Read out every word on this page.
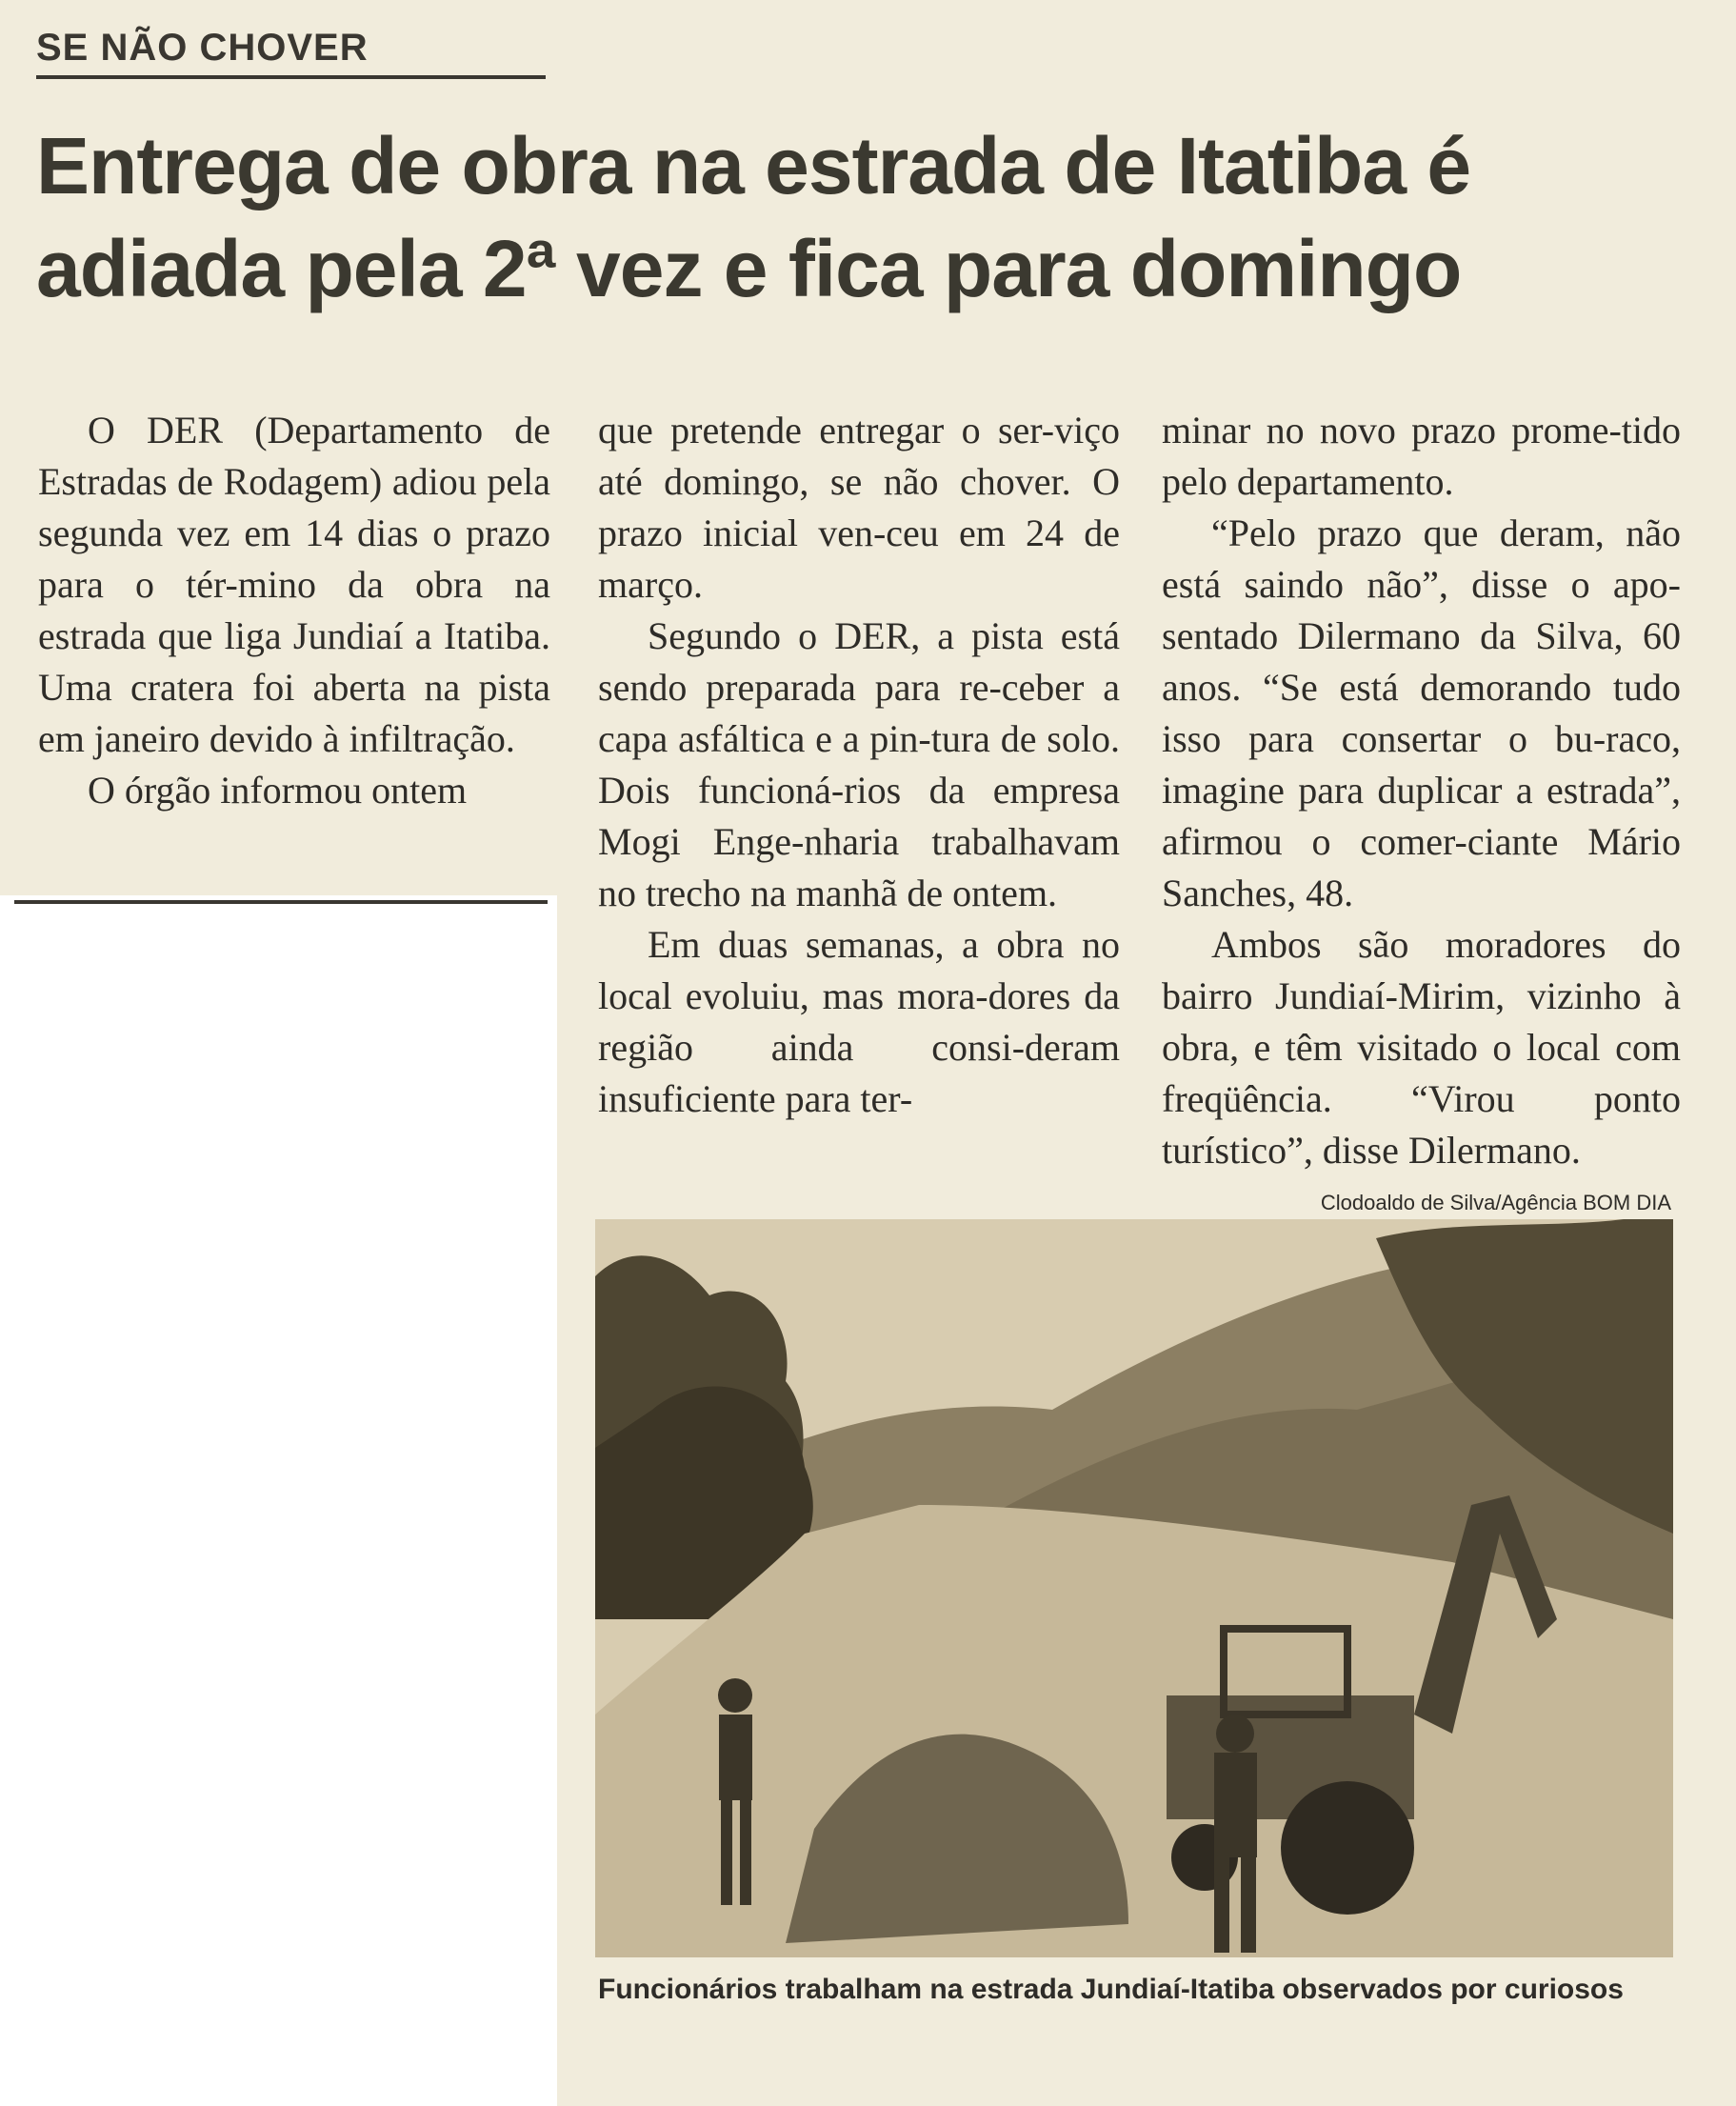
SE NÃO CHOVER
Entrega de obra na estrada de Itatiba é
adiada pela 2ª vez e fica para domingo

O DER (Departamento de Estradas de Rodagem) adiou pela segunda vez em 14 dias o prazo para o tér-mino da obra na estrada que liga Jundiaí a Itatiba. Uma cratera foi aberta na pista em janeiro devido à infiltração.

O órgão informou ontem

que pretende entregar o ser-viço até domingo, se não chover. O prazo inicial ven-ceu em 24 de março.

Segundo o DER, a pista está sendo preparada para re-ceber a capa asfáltica e a pin-tura de solo. Dois funcioná-rios da empresa Mogi Enge-nharia trabalhavam no trecho na manhã de ontem.

Em duas semanas, a obra no local evoluiu, mas mora-dores da região ainda consi-deram insuficiente para ter-

minar no novo prazo prome-tido pelo departamento.

“Pelo prazo que deram, não está saindo não”, disse o apo-sentado Dilermano da Silva, 60 anos. “Se está demorando tudo isso para consertar o bu-raco, imagine para duplicar a estrada”, afirmou o comer-ciante Mário Sanches, 48.

Ambos são moradores do bairro Jundiaí-Mirim, vizinho à obra, e têm visitado o local com freqüência. “Virou ponto turístico”, disse Dilermano.

Clodoaldo de Silva/Agência BOM DIA
Funcionários trabalham na estrada Jundiaí-Itatiba observados por curiosos
